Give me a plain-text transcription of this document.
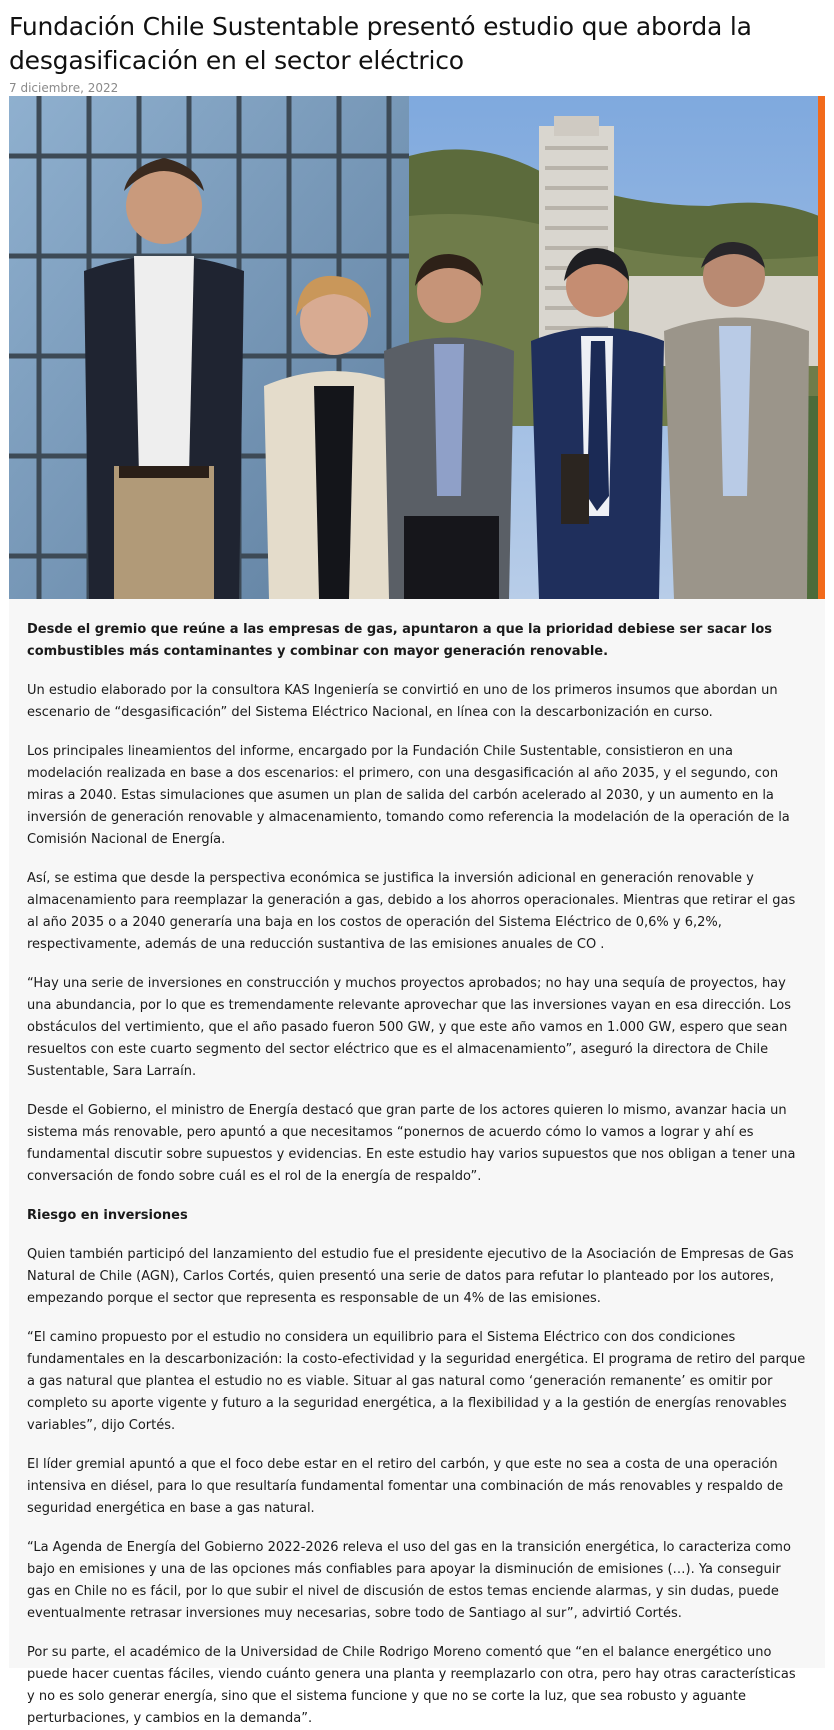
Fundación Chile Sustentable presentó estudio que aborda la desgasificación en el sector eléctrico
7 diciembre, 2022

Desde el gremio que reúne a las empresas de gas, apuntaron a que la prioridad debiese ser sacar los combustibles más contaminantes y combinar con mayor generación renovable.

Un estudio elaborado por la consultora KAS Ingeniería se convirtió en uno de los primeros insumos que abordan un escenario de “desgasificación” del Sistema Eléctrico Nacional, en línea con la descarbonización en curso.

Los principales lineamientos del informe, encargado por la Fundación Chile Sustentable, consistieron en una modelación realizada en base a dos escenarios: el primero, con una desgasificación al año 2035, y el segundo, con miras a 2040. Estas simulaciones que asumen un plan de salida del carbón acelerado al 2030, y un aumento en la inversión de generación renovable y almacenamiento, tomando como referencia la modelación de la operación de la Comisión Nacional de Energía.

Así, se estima que desde la perspectiva económica se justifica la inversión adicional en generación renovable y almacenamiento para reemplazar la generación a gas, debido a los ahorros operacionales. Mientras que retirar el gas al año 2035 o a 2040 generaría una baja en los costos de operación del Sistema Eléctrico de 0,6% y 6,2%, respectivamente, además de una reducción sustantiva de las emisiones anuales de CO .

“Hay una serie de inversiones en construcción y muchos proyectos aprobados; no hay una sequía de proyectos, hay una abundancia, por lo que es tremendamente relevante aprovechar que las inversiones vayan en esa dirección. Los obstáculos del vertimiento, que el año pasado fueron 500 GW, y que este año vamos en 1.000 GW, espero que sean resueltos con este cuarto segmento del sector eléctrico que es el almacenamiento”, aseguró la directora de Chile Sustentable, Sara Larraín.

Desde el Gobierno, el ministro de Energía destacó que gran parte de los actores quieren lo mismo, avanzar hacia un sistema más renovable, pero apuntó a que necesitamos “ponernos de acuerdo cómo lo vamos a lograr y ahí es fundamental discutir sobre supuestos y evidencias. En este estudio hay varios supuestos que nos obligan a tener una conversación de fondo sobre cuál es el rol de la energía de respaldo”.

Riesgo en inversiones

Quien también participó del lanzamiento del estudio fue el presidente ejecutivo de la Asociación de Empresas de Gas Natural de Chile (AGN), Carlos Cortés, quien presentó una serie de datos para refutar lo planteado por los autores, empezando porque el sector que representa es responsable de un 4% de las emisiones.

“El camino propuesto por el estudio no considera un equilibrio para el Sistema Eléctrico con dos condiciones fundamentales en la descarbonización: la costo-efectividad y la seguridad energética. El programa de retiro del parque a gas natural que plantea el estudio no es viable. Situar al gas natural como ‘generación remanente’ es omitir por completo su aporte vigente y futuro a la seguridad energética, a la flexibilidad y a la gestión de energías renovables variables”, dijo Cortés.

El líder gremial apuntó a que el foco debe estar en el retiro del carbón, y que este no sea a costa de una operación intensiva en diésel, para lo que resultaría fundamental fomentar una combinación de más renovables y respaldo de seguridad energética en base a gas natural.

“La Agenda de Energía del Gobierno 2022-2026 releva el uso del gas en la transición energética, lo caracteriza como bajo en emisiones y una de las opciones más confiables para apoyar la disminución de emisiones (…). Ya conseguir gas en Chile no es fácil, por lo que subir el nivel de discusión de estos temas enciende alarmas, y sin dudas, puede eventualmente retrasar inversiones muy necesarias, sobre todo de Santiago al sur”, advirtió Cortés.

Por su parte, el académico de la Universidad de Chile Rodrigo Moreno comentó que “en el balance energético uno puede hacer cuentas fáciles, viendo cuánto genera una planta y reemplazarlo con otra, pero hay otras características y no es solo generar energía, sino que el sistema funcione y que no se corte la luz, que sea robusto y aguante perturbaciones, y cambios en la demanda”.
